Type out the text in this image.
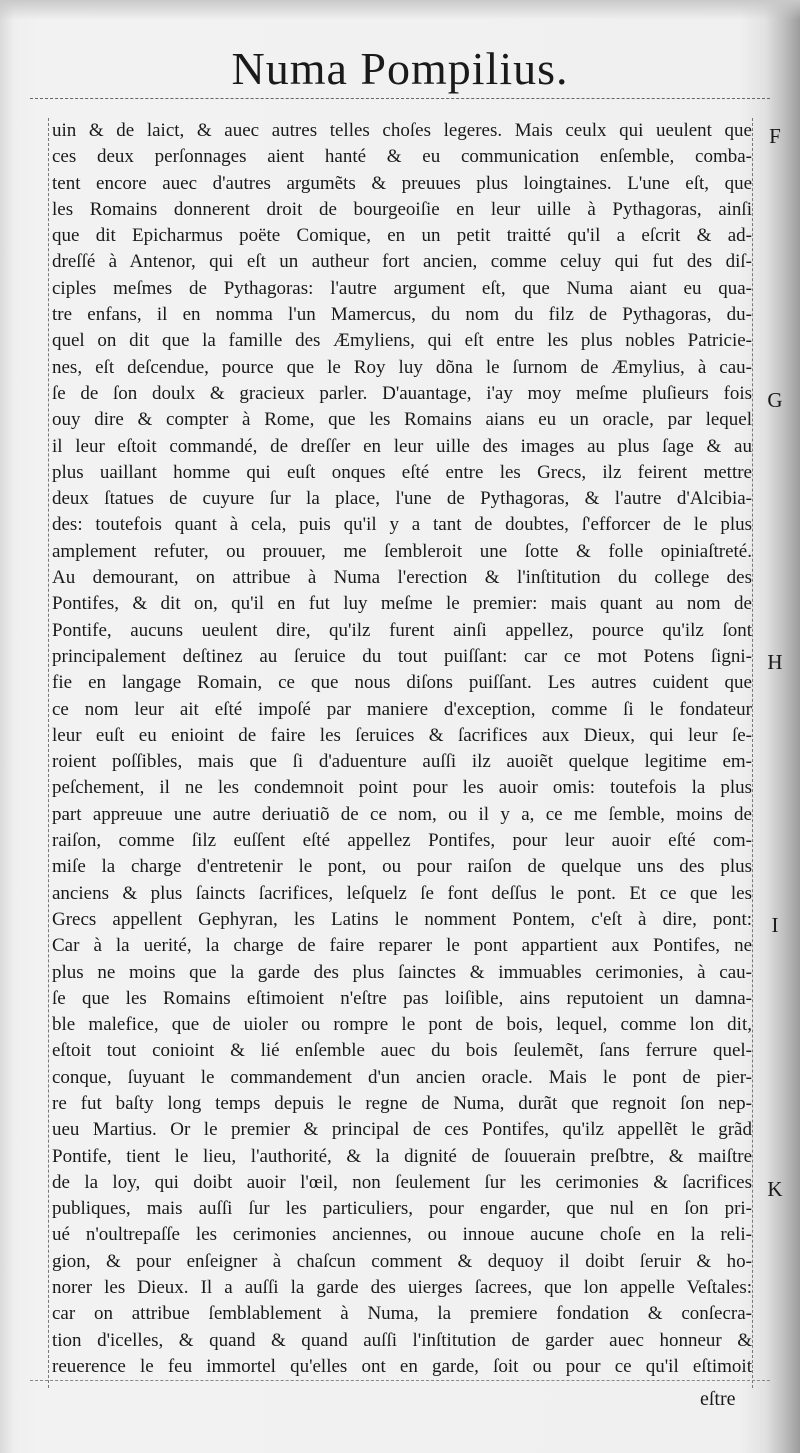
Numa Pompilius.
uin & de laict, & auec autres telles choſes legeres. Mais ceulx qui ueulent que
ces deux perſonnages aient hanté & eu communication enſemble, comba-
tent encore auec d'autres argumẽts & preuues plus loingtaines. L'une eſt, que
les Romains donnerent droit de bourgeoiſie en leur uille à Pythagoras, ainſi
que dit Epicharmus poëte Comique, en un petit traitté qu'il a eſcrit & ad-
dreſſé à Antenor, qui eſt un autheur fort ancien, comme celuy qui fut des diſ-
ciples meſmes de Pythagoras: l'autre argument eſt, que Numa aiant eu qua-
tre enfans, il en nomma l'un Mamercus, du nom du filz de Pythagoras, du-
quel on dit que la famille des Æmyliens, qui eſt entre les plus nobles Patricie-
nes, eſt deſcendue, pource que le Roy luy dõna le ſurnom de Æmylius, à cau-
ſe de ſon doulx & gracieux parler. D'auantage, i'ay moy meſme pluſieurs fois
ouy dire & compter à Rome, que les Romains aians eu un oracle, par lequel
il leur eſtoit commandé, de dreſſer en leur uille des images au plus ſage & au
plus uaillant homme qui euſt onques eſté entre les Grecs, ilz feirent mettre
deux ſtatues de cuyure ſur la place, l'une de Pythagoras, & l'autre d'Alcibia-
des: toutefois quant à cela, puis qu'il y a tant de doubtes, ſ'efforcer de le plus
amplement refuter, ou prouuer, me ſembleroit une ſotte & folle opiniaſtreté.
Au demourant, on attribue à Numa l'erection & l'inſtitution du college des
Pontifes, & dit on, qu'il en fut luy meſme le premier: mais quant au nom de
Pontife, aucuns ueulent dire, qu'ilz furent ainſi appellez, pource qu'ilz ſont
principalement deſtinez au ſeruice du tout puiſſant: car ce mot Potens ſigni-
fie en langage Romain, ce que nous diſons puiſſant. Les autres cuident que
ce nom leur ait eſté impoſé par maniere d'exception, comme ſi le fondateur
leur euſt eu enioint de faire les ſeruices & ſacrifices aux Dieux, qui leur ſe-
roient poſſibles, mais que ſi d'aduenture auſſi ilz auoiẽt quelque legitime em-
peſchement, il ne les condemnoit point pour les auoir omis: toutefois la plus
part appreuue une autre deriuatiõ de ce nom, ou il y a, ce me ſemble, moins de
raiſon, comme ſilz euſſent eſté appellez Pontifes, pour leur auoir eſté com-
miſe la charge d'entretenir le pont, ou pour raiſon de quelque uns des plus
anciens & plus ſaincts ſacrifices, leſquelz ſe font deſſus le pont. Et ce que les
Grecs appellent Gephyran, les Latins le nomment Pontem, c'eſt à dire, pont:
Car à la uerité, la charge de faire reparer le pont appartient aux Pontifes, ne
plus ne moins que la garde des plus ſainctes & immuables cerimonies, à cau-
ſe que les Romains eſtimoient n'eſtre pas loiſible, ains reputoient un damna-
ble malefice, que de uioler ou rompre le pont de bois, lequel, comme lon dit,
eſtoit tout conioint & lié enſemble auec du bois ſeulemẽt, ſans ferrure quel-
conque, ſuyuant le commandement d'un ancien oracle. Mais le pont de pier-
re fut baſty long temps depuis le regne de Numa, durãt que regnoit ſon nep-
ueu Martius. Or le premier & principal de ces Pontifes, qu'ilz appellẽt le grãd
Pontife, tient le lieu, l'authorité, & la dignité de ſouuerain preſbtre, & maiſtre
de la loy, qui doibt auoir l'œil, non ſeulement ſur les cerimonies & ſacrifices
publiques, mais auſſi ſur les particuliers, pour engarder, que nul en ſon pri-
ué n'oultrepaſſe les cerimonies anciennes, ou innoue aucune choſe en la reli-
gion, & pour enſeigner à chaſcun comment & dequoy il doibt ſeruir & ho-
norer les Dieux. Il a auſſi la garde des uierges ſacrees, que lon appelle Veſtales:
car on attribue ſemblablement à Numa, la premiere fondation & conſecra-
tion d'icelles, & quand & quand auſſi l'inſtitution de garder auec honneur &
reuerence le feu immortel qu'elles ont en garde, ſoit ou pour ce qu'il eſtimoit
F
G
H
I
K
eſtre
